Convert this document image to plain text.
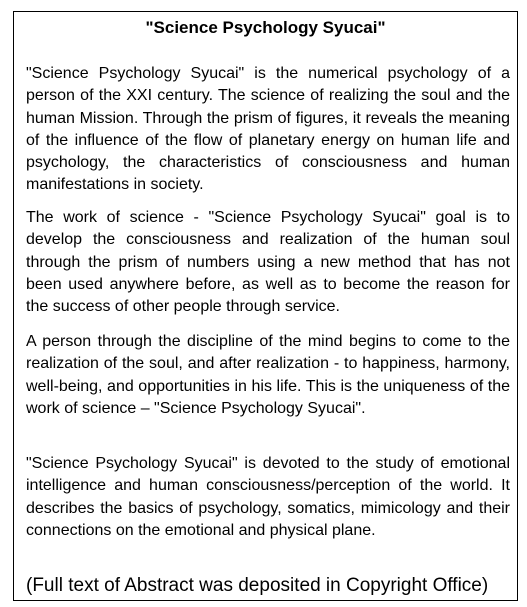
"Science Psychology Syucai"

"Science Psychology Syucai" is the numerical psychology of a person of the XXI century. The science of realizing the soul and the human Mission. Through the prism of figures, it reveals the meaning of the influence of the flow of planetary energy on human life and psychology, the characteristics of consciousness and human manifestations in society.

The work of science - "Science Psychology Syucai" goal is to develop the consciousness and realization of the human soul through the prism of numbers using a new method that has not been used anywhere before, as well as to become the reason for the success of other people through service.

A person through the discipline of the mind begins to come to the realization of the soul, and after realization - to happiness, harmony, well-being, and opportunities in his life. This is the uniqueness of the work of science – "Science Psychology Syucai".

"Science Psychology Syucai" is devoted to the study of emotional intelligence and human consciousness/perception of the world. It describes the basics of psychology, somatics, mimicology and their connections on the emotional and physical plane.

(Full text of Abstract was deposited in Copyright Office)
